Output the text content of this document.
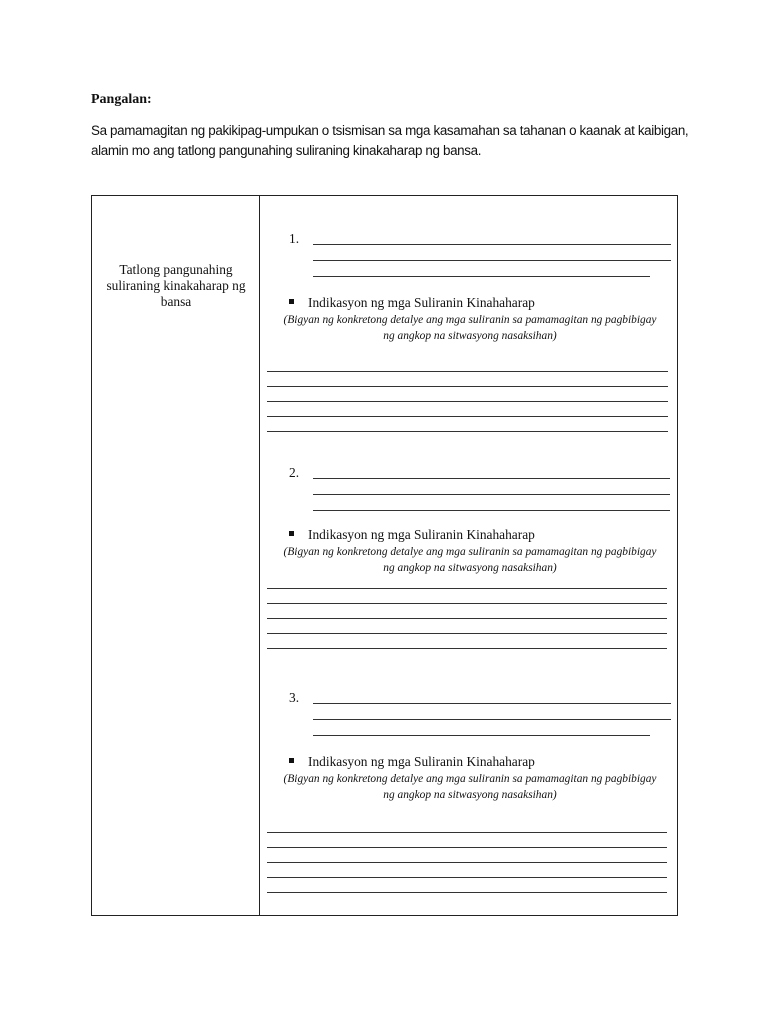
Pangalan:
Sa pamamagitan ng pakikipag-umpukan o tsismisan sa mga kasamahan sa tahanan o kaanak at kaibigan, alamin mo ang tatlong pangunahing suliraning kinakaharap ng bansa.
Tatlong pangunahing suliraning kinakaharap ng bansa
1.
Indikasyon ng mga Suliranin Kinahaharap
(Bigyan ng konkretong detalye ang mga suliranin sa pamamagitan ng pagbibigay ng angkop na sitwasyong nasaksihan)
2.
Indikasyon ng mga Suliranin Kinahaharap
(Bigyan ng konkretong detalye ang mga suliranin sa pamamagitan ng pagbibigay ng angkop na sitwasyong nasaksihan)
3.
Indikasyon ng mga Suliranin Kinahaharap
(Bigyan ng konkretong detalye ang mga suliranin sa pamamagitan ng pagbibigay ng angkop na sitwasyong nasaksihan)
